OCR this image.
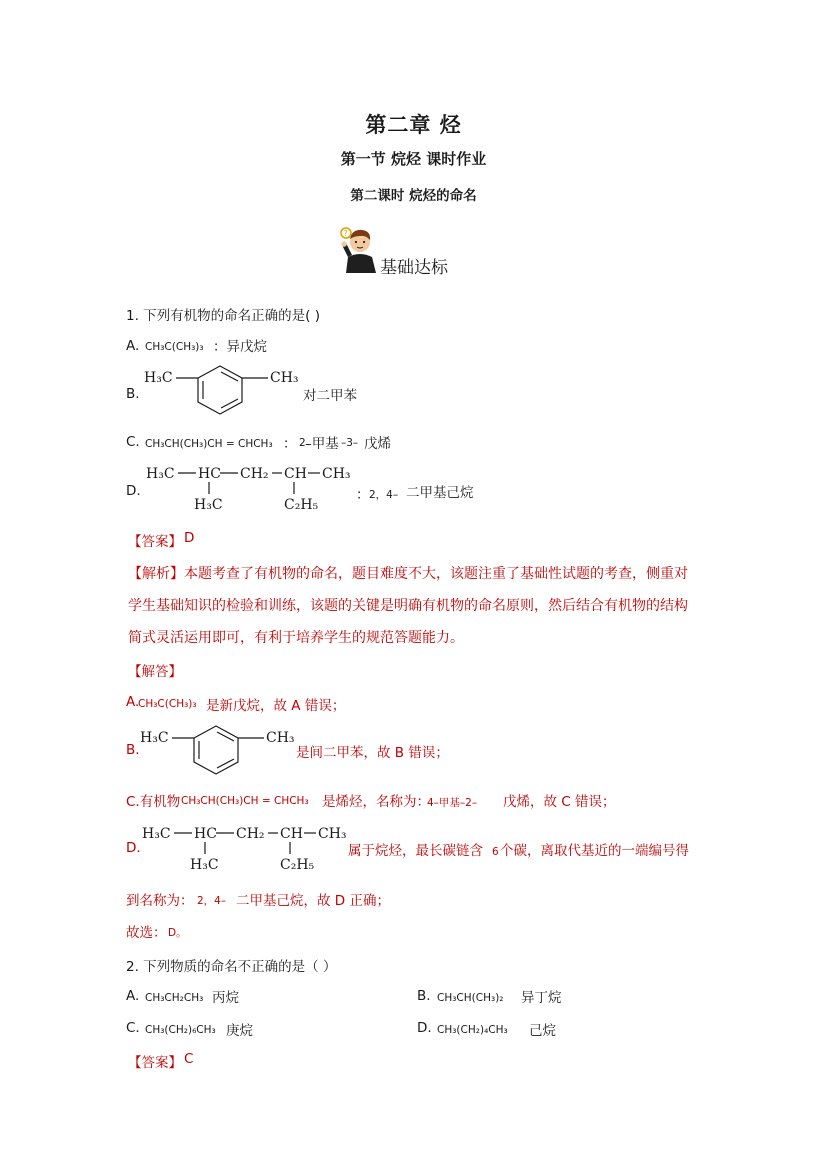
第二章 烃
第一节 烷烃 课时作业
第二课时 烷烃的命名
?
基础达标
1. 下列有机物的命名正确的是( )
A. CH₃C(CH₃)₃ ：异戊烷
B.
H₃C	CH₃
对二甲苯
C. CH₃CH(CH₃)CH = CHCH₃ ： 2 –甲基 –3– 戊烯
D.
H₃C HC CH₂ CH CH₃
H₃C	C₂H₅
： 2，4– 二甲基己烷
【答案】 D
【解析】本题考查了有机物的命名，题目难度不大，该题注重了基础性试题的考查，侧重对
学生基础知识的检验和训练，该题的关键是明确有机物的命名原则，然后结合有机物的结构
简式灵活运用即可，有利于培养学生的规范答题能力。
【解答】
A.
CH₃C(CH₃)₃ 是新戊烷，故 A 错误；
B.
H₃C	CH₃
是间二甲苯，故 B 错误；
C.有机物 CH₃CH(CH₃)CH = CHCH₃ 是烯烃，名称为：
4–甲基–2– 戊烯，故 C 错误；
D.
H₃C HC CH₂ CH CH₃
H₃C	C₂H₅
属于烷烃，最长碳链含 6 个碳，离取代基近的一端编号得
到名称为： 2，4– 二甲基己烷，故 D 正确；
故选： D。
2. 下列物质的命名不正确的是（ ）
A. CH₃CH₂CH₃ 丙烷	B. CH₃CH(CH₃)₂ 异丁烷
C. CH₃(CH₂)₆CH₃ 庚烷	D. CH₃(CH₂)₄CH₃ 己烷
【答案】 C
